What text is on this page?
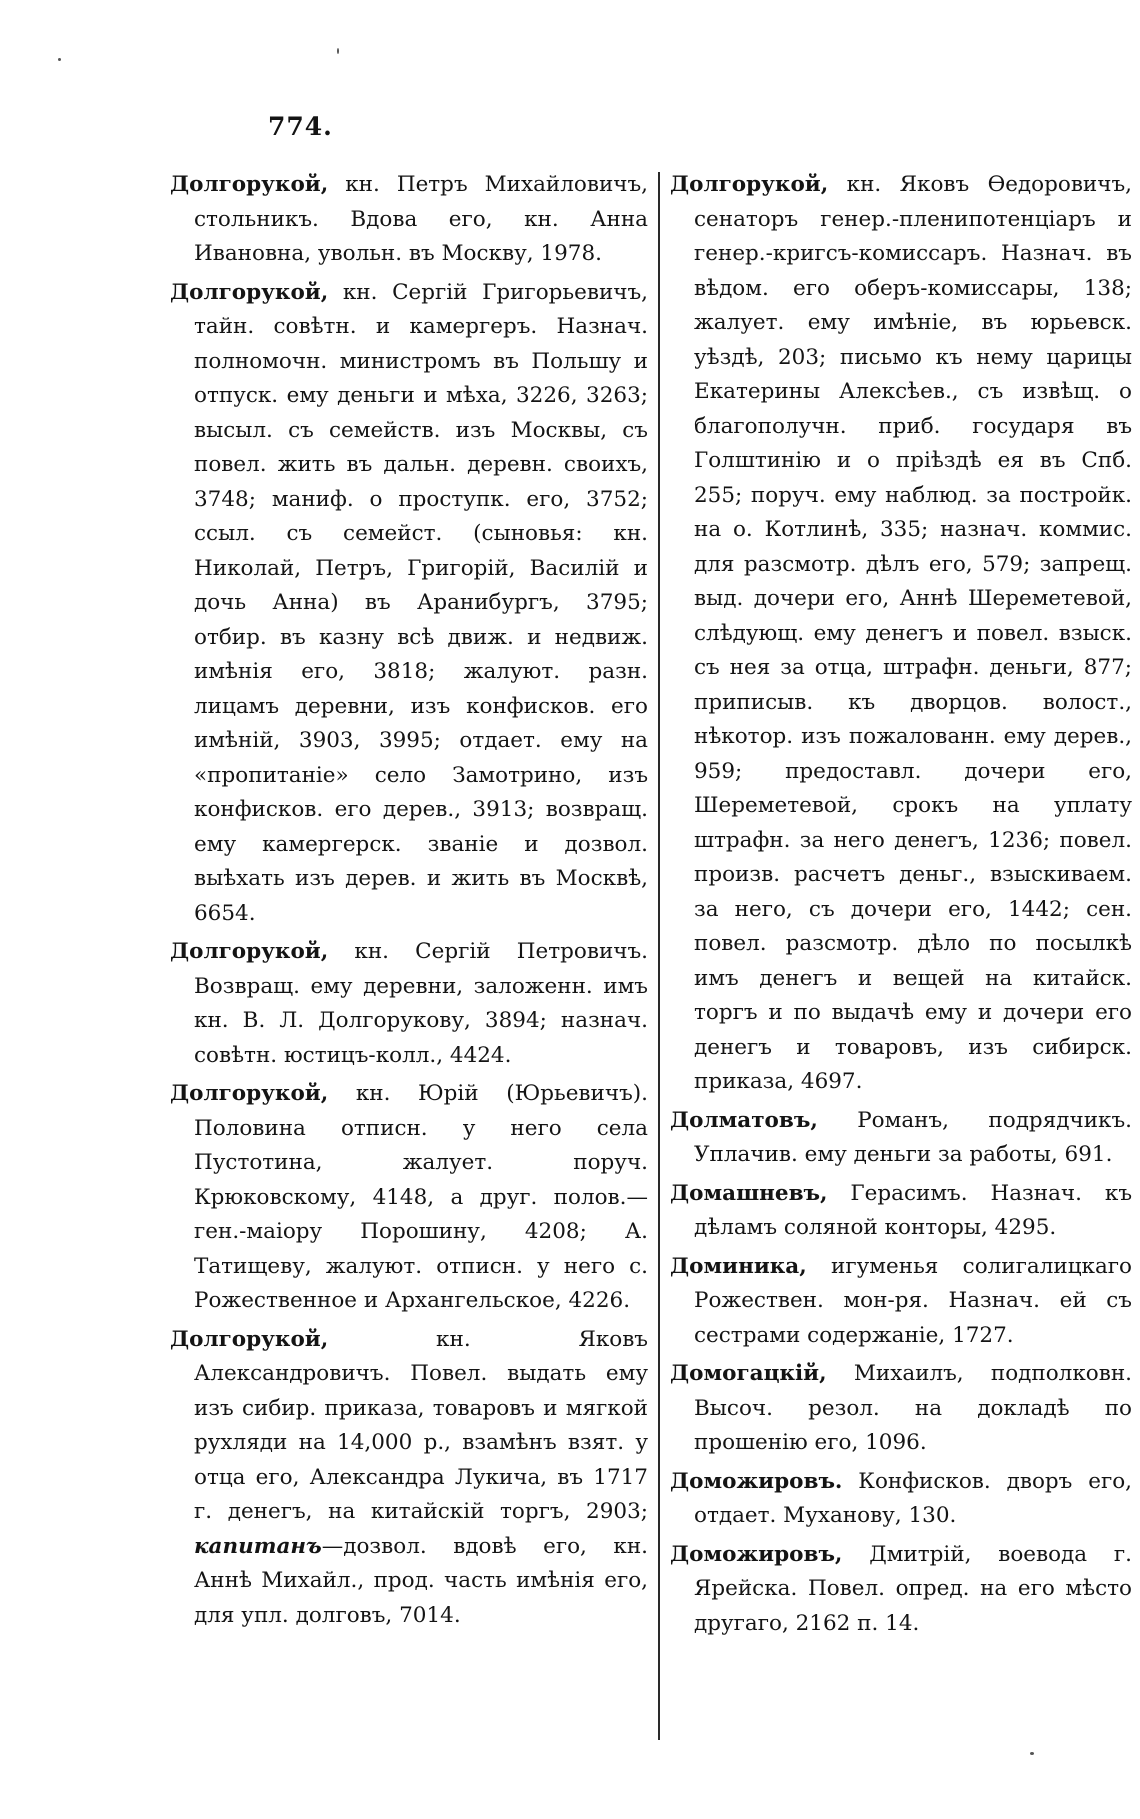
774.

Долгорукой, кн. Петръ Михайловичъ, стольникъ. Вдова его, кн. Анна Ивановна, увольн. въ Москву, 1978.

Долгорукой, кн. Сергій Григорьевичъ, тайн. совѣтн. и камергеръ. Назнач. полномочн. министромъ въ Польшу и отпуск. ему деньги и мѣха, 3226, 3263; высыл. съ семейств. изъ Москвы, съ повел. жить въ дальн. деревн. своихъ, 3748; маниф. о проступк. его, 3752; ссыл. съ семейст. (сыновья: кн. Николай, Петръ, Григорій, Василій и дочь Анна) въ Аранибургъ, 3795; отбир. въ казну всѣ движ. и недвиж. имѣнія его, 3818; жалуют. разн. лицамъ деревни, изъ конфисков. его имѣній, 3903, 3995; отдает. ему на «пропитаніе» село Замотрино, изъ конфисков. его дерев., 3913; возвращ. ему камергерск. званіе и дозвол. выѣхать изъ дерев. и жить въ Москвѣ, 6654.

Долгорукой, кн. Сергій Петровичъ. Возвращ. ему деревни, заложенн. имъ кн. В. Л. Долгорукову, 3894; назнач. совѣтн. юстицъ-колл., 4424.

Долгорукой, кн. Юрій (Юрьевичъ). Половина отписн. у него села Пустотина, жалует. поруч. Крюковскому, 4148, а друг. полов.—ген.-маіору Порошину, 4208; А. Татищеву, жалуют. отписн. у него с. Рожественное и Архангельское, 4226.

Долгорукой, кн. Яковъ Александровичъ. Повел. выдать ему изъ сибир. приказа, товаровъ и мягкой рухляди на 14,000 р., взамѣнъ взят. у отца его, Александра Лукича, въ 1717 г. денегъ, на китайскій торгъ, 2903; капитанъ—дозвол. вдовѣ его, кн. Аннѣ Михайл., прод. часть имѣнія его, для упл. долговъ, 7014.

Долгорукой, кн. Яковъ Өедоровичъ, сенаторъ генер.-пленипотенціаръ и генер.-кригсъ-комиссаръ. Назнач. въ вѣдом. его оберъ-комиссары, 138; жалует. ему имѣніе, въ юрьевск. уѣздѣ, 203; письмо къ нему царицы Екатерины Алексѣев., съ извѣщ. о благополучн. приб. государя въ Голштинію и о пріѣздѣ ея въ Спб. 255; поруч. ему наблюд. за постройк. на о. Котлинѣ, 335; назнач. коммис. для разсмотр. дѣлъ его, 579; запрещ. выд. дочери его, Аннѣ Шереметевой, слѣдующ. ему денегъ и повел. взыск. съ нея за отца, штрафн. деньги, 877; приписыв. къ дворцов. волост., нѣкотор. изъ пожалованн. ему дерев., 959; предоставл. дочери его, Шереметевой, срокъ на уплату штрафн. за него денегъ, 1236; повел. произв. расчетъ деньг., взыскиваем. за него, съ дочери его, 1442; сен. повел. разсмотр. дѣло по посылкѣ имъ денегъ и вещей на китайск. торгъ и по выдачѣ ему и дочери его денегъ и товаровъ, изъ сибирск. приказа, 4697.

Долматовъ, Романъ, подрядчикъ. Уплачив. ему деньги за работы, 691.

Домашневъ, Герасимъ. Назнач. къ дѣламъ соляной конторы, 4295.

Доминика, игуменья солигалицкаго Рожествен. мон-ря. Назнач. ей съ сестрами содержаніе, 1727.

Домогацкій, Михаилъ, подполковн. Высоч. резол. на докладѣ по прошенію его, 1096.

Доможировъ. Конфисков. дворъ его, отдает. Муханову, 130.

Доможировъ, Дмитрій, воевода г. Ярейска. Повел. опред. на его мѣсто другаго, 2162 п. 14.
